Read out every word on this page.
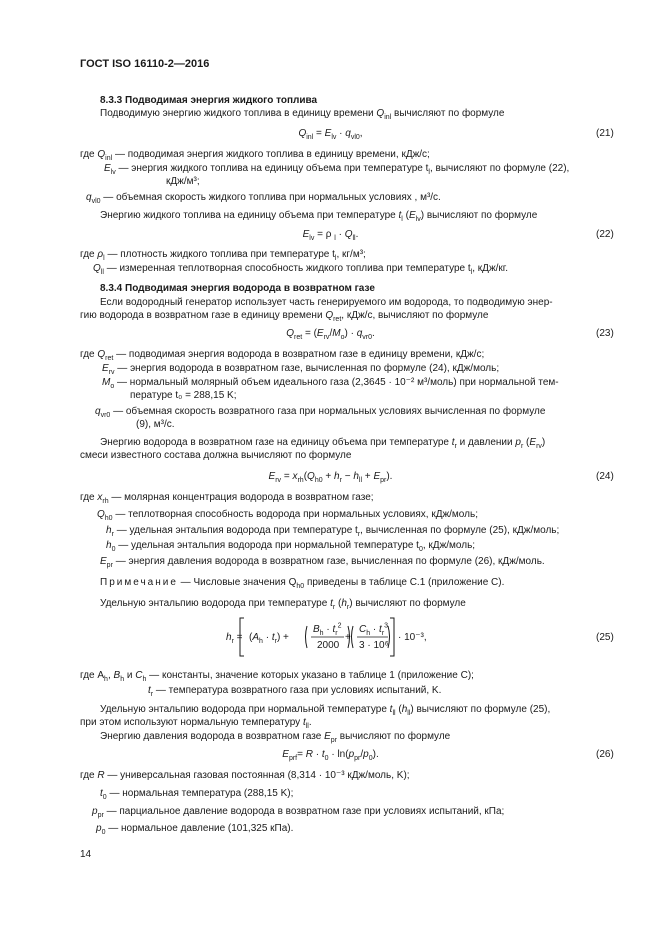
ГОСТ ISO 16110-2—2016
8.3.3 Подводимая энергия жидкого топлива
Подводимую энергию жидкого топлива в единицу времени $Q_{inl}$ вычисляют по формуле
$Q_{inl} = E_{lv} \cdot q_{vl0}$,	(21)
где $Q_{inl}$ — подводимая энергия жидкого топлива в единицу времени, кДж/с;
$E_{lv}$ — энергия жидкого топлива на единицу объема при температуре $t_l$, вычисляют по формуле (22),
кДж/м³;
$q_{vl0}$ — объемная скорость жидкого топлива при нормальных условиях , м³/с.
Энергию жидкого топлива на единицу объема при температуре $t_l$ $(E_{lv})$ вычисляют по формуле
$E_{lv} = \rho$ $_l \cdot Q_{ll}$.	(22)
где $\rho_l$ — плотность жидкого топлива при температуре $t_l$, кг/м³;
$Q_{ll}$ — измеренная теплотворная способность жидкого топлива при температуре $t_l$, кДж/кг.
8.3.4 Подводимая энергия водорода в возвратном газе
Если водородный генератор использует часть генерируемого им водорода, то подводимую энер-
гию водорода в возвратном газе в единицу времени $Q_{ret}$, кДж/с, вычисляют по формуле
$Q_{ret} = (E_{rv}/M_o) \cdot q_{vr0}$.	(23)
где $Q_{ret}$ — подводимая энергия водорода в возвратном газе в единицу времени, кДж/с;
$E_{rv}$ — энергия водорода в возвратном газе, вычисленная по формуле (24), кДж/моль;
$M_o$ — нормальный молярный объем идеального газа (2,3645 · 10⁻² м³/моль) при нормальной тем-
пературе t₀ = 288,15 K;
$q_{vr0}$ — объемная скорость возвратного газа при нормальных условиях вычисленная по формуле
(9), м³/с.
Энергию водорода в возвратном газе на единицу объема при температуре $t_r$ и давлении $p_r$ $(E_{rv})$
смеси известного состава должна вычисляют по формуле
$E_{rv} = x_{rh}(Q_{h0} + h_r - h_{ll} + E_{pr})$.	(24)
где $x_{rh}$ — молярная концентрация водорода в возвратном газе;
$Q_{h0}$ — теплотворная способность водорода при нормальных условиях, кДж/моль;
$h_r$ — удельная энтальпия водорода при температуре $t_r$, вычисленная по формуле (25), кДж/моль;
$h_0$ — удельная энтальпия водорода при нормальной температуре $t_0$, кДж/моль;
$E_{pr}$ — энергия давления водорода в возвратном газе, вычисленная по формуле (26), кДж/моль.
Примечание — Числовые значения $Q_{h0}$ приведены в таблице С.1 (приложение С).
Удельную энтальпию водорода при температуре $t_r$ $(h_r)$ вычисляют по формуле
$h_r = (A_h \cdot t_r)$ +
$B_h \cdot t_r^2$
2000
+
$C_h \cdot t_r^3$
3 · 10⁶
· 10⁻³,	(25)
где $A_h$, $B_h$ и $C_h$ — константы, значение которых указано в таблице 1 (приложение С);
$t_r$ — температура возвратного газа при условиях испытаний, K.
Удельную энтальпию водорода при нормальной температуре $t_{ll}$ $(h_{ll})$ вычисляют по формуле (25),
при этом используют нормальную температуру $t_{ll}$.
Энергию давления водорода в возвратном газе $E_{pr}$ вычисляют по формуле
$E_{prf}= R \cdot t_0 \cdot \ln(p_{pr}/p_0)$.	(26)
где R — универсальная газовая постоянная (8,314 · 10⁻³ кДж/моль, K);
$t_0$ — нормальная температура (288,15 K);
$p_{pr}$ — парциальное давление водорода в возвратном газе при условиях испытаний, кПа;
$p_0$ — нормальное давление (101,325 кПа).
14
